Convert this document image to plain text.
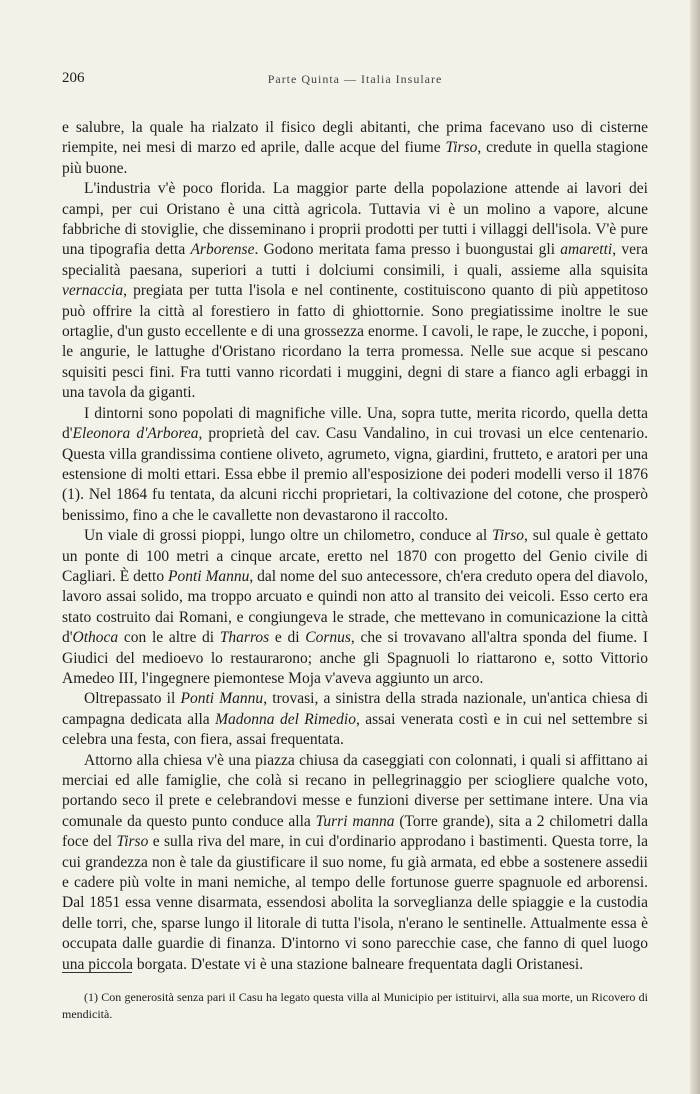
206	Parte Quinta — Italia Insulare

e salubre, la quale ha rialzato il fisico degli abitanti, che prima facevano uso di cisterne riempite, nei mesi di marzo ed aprile, dalle acque del fiume Tirso, credute in quella stagione più buone.

L'industria v'è poco florida. La maggior parte della popolazione attende ai lavori dei campi, per cui Oristano è una città agricola. Tuttavia vi è un molino a vapore, alcune fabbriche di stoviglie, che disseminano i proprii prodotti per tutti i villaggi dell'isola. V'è pure una tipografia detta Arborense. Godono meritata fama presso i buongustai gli amaretti, vera specialità paesana, superiori a tutti i dolciumi consimili, i quali, assieme alla squisita vernaccia, pregiata per tutta l'isola e nel continente, costituiscono quanto di più appetitoso può offrire la città al forestiero in fatto di ghiottornie. Sono pregiatissime inoltre le sue ortaglie, d'un gusto eccellente e di una grossezza enorme. I cavoli, le rape, le zucche, i poponi, le angurie, le lattughe d'Oristano ricordano la terra promessa. Nelle sue acque si pescano squisiti pesci fini. Fra tutti vanno ricordati i muggini, degni di stare a fianco agli erbaggi in una tavola da giganti.

I dintorni sono popolati di magnifiche ville. Una, sopra tutte, merita ricordo, quella detta d'Eleonora d'Arborea, proprietà del cav. Casu Vandalino, in cui trovasi un elce centenario. Questa villa grandissima contiene oliveto, agrumeto, vigna, giardini, frutteto, e aratori per una estensione di molti ettari. Essa ebbe il premio all'esposizione dei poderi modelli verso il 1876 (1). Nel 1864 fu tentata, da alcuni ricchi proprietari, la coltivazione del cotone, che prosperò benissimo, fino a che le cavallette non devastarono il raccolto.

Un viale di grossi pioppi, lungo oltre un chilometro, conduce al Tirso, sul quale è gettato un ponte di 100 metri a cinque arcate, eretto nel 1870 con progetto del Genio civile di Cagliari. È detto Ponti Mannu, dal nome del suo antecessore, ch'era creduto opera del diavolo, lavoro assai solido, ma troppo arcuato e quindi non atto al transito dei veicoli. Esso certo era stato costruito dai Romani, e congiungeva le strade, che mettevano in comunicazione la città d'Othoca con le altre di Tharros e di Cornus, che si trovavano all'altra sponda del fiume. I Giudici del medioevo lo restaurarono; anche gli Spagnuoli lo riattarono e, sotto Vittorio Amedeo III, l'ingegnere piemontese Moja v'aveva aggiunto un arco.

Oltrepassato il Ponti Mannu, trovasi, a sinistra della strada nazionale, un'antica chiesa di campagna dedicata alla Madonna del Rimedio, assai venerata costì e in cui nel settembre si celebra una festa, con fiera, assai frequentata.

Attorno alla chiesa v'è una piazza chiusa da caseggiati con colonnati, i quali si affittano ai merciai ed alle famiglie, che colà si recano in pellegrinaggio per sciogliere qualche voto, portando seco il prete e celebrandovi messe e funzioni diverse per settimane intere. Una via comunale da questo punto conduce alla Turri manna (Torre grande), sita a 2 chilometri dalla foce del Tirso e sulla riva del mare, in cui d'ordinario approdano i bastimenti. Questa torre, la cui grandezza non è tale da giustificare il suo nome, fu già armata, ed ebbe a sostenere assedii e cadere più volte in mani nemiche, al tempo delle fortunose guerre spagnuole ed arborensi. Dal 1851 essa venne disarmata, essendosi abolita la sorveglianza delle spiaggie e la custodia delle torri, che, sparse lungo il litorale di tutta l'isola, n'erano le sentinelle. Attualmente essa è occupata dalle guardie di finanza. D'intorno vi sono parecchie case, che fanno di quel luogo una piccola borgata. D'estate vi è una stazione balneare frequentata dagli Oristanesi.

(1) Con generosità senza pari il Casu ha legato questa villa al Municipio per istituirvi, alla sua morte, un Ricovero di mendicità.
